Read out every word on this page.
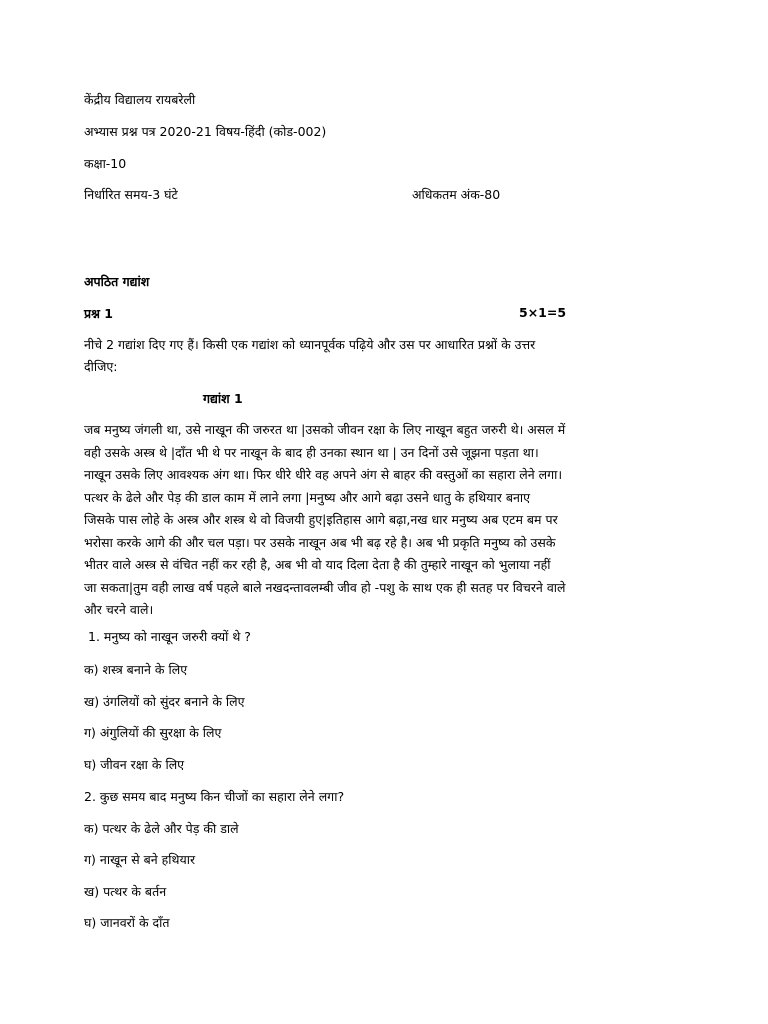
केंद्रीय विद्यालय रायबरेली
अभ्यास प्रश्न पत्र 2020-21 विषय-हिंदी (कोड-002)
कक्षा-10
निर्धारित समय-3 घंटे	अधिकतम अंक-80
अपठित गद्यांश
प्रश्न 1	5×1=5
नीचे 2 गद्यांश दिए गए हैं। किसी एक गद्यांश को ध्यानपूर्वक पढ़िये और उस पर आधारित प्रश्नों के उत्तर
दीजिए:
गद्यांश 1
जब मनुष्य जंगली था, उसे नाखून की जरुरत था |उसको जीवन रक्षा के लिए नाखून बहुत जरुरी थे। असल में
वही उसके अस्त्र थे |दाँत भी थे पर नाखून के बाद ही उनका स्थान था | उन दिनों उसे जूझना पड़ता था।
नाखून उसके लिए आवश्यक अंग था। फिर धीरे धीरे वह अपने अंग से बाहर की वस्तुओं का सहारा लेने लगा।
पत्थर के ढेले और पेड़ की डाल काम में लाने लगा |मनुष्य और आगे बढ़ा उसने धातु के हथियार बनाए
जिसके पास लोहे के अस्त्र और शस्त्र थे वो विजयी हुए|इतिहास आगे बढ़ा,नख धार मनुष्य अब एटम बम पर
भरोसा करके आगे की और चल पड़ा। पर उसके नाखून अब भी बढ़ रहे है। अब भी प्रकृति मनुष्य को उसके
भीतर वाले अस्त्र से वंचित नहीं कर रही है, अब भी वो याद दिला देता है की तुम्हारे नाखून को भुलाया नहीं
जा सकता|तुम वही लाख वर्ष पहले बाले नखदन्तावलम्बी जीव हो -पशु के साथ एक ही सतह पर विचरने वाले
और चरने वाले।
1. मनुष्य को नाखून जरुरी क्यों थे ?
क) शस्त्र बनाने के लिए
ख) उंगलियों को सुंदर बनाने के लिए
ग) अंगुलियों की सुरक्षा के लिए
घ) जीवन रक्षा के लिए
2. कुछ समय बाद मनुष्य किन चीजों का सहारा लेने लगा?
क) पत्थर के ढेले और पेड़ की डाले
ग) नाखून से बने हथियार
ख) पत्थर के बर्तन
घ) जानवरों के दाँत
